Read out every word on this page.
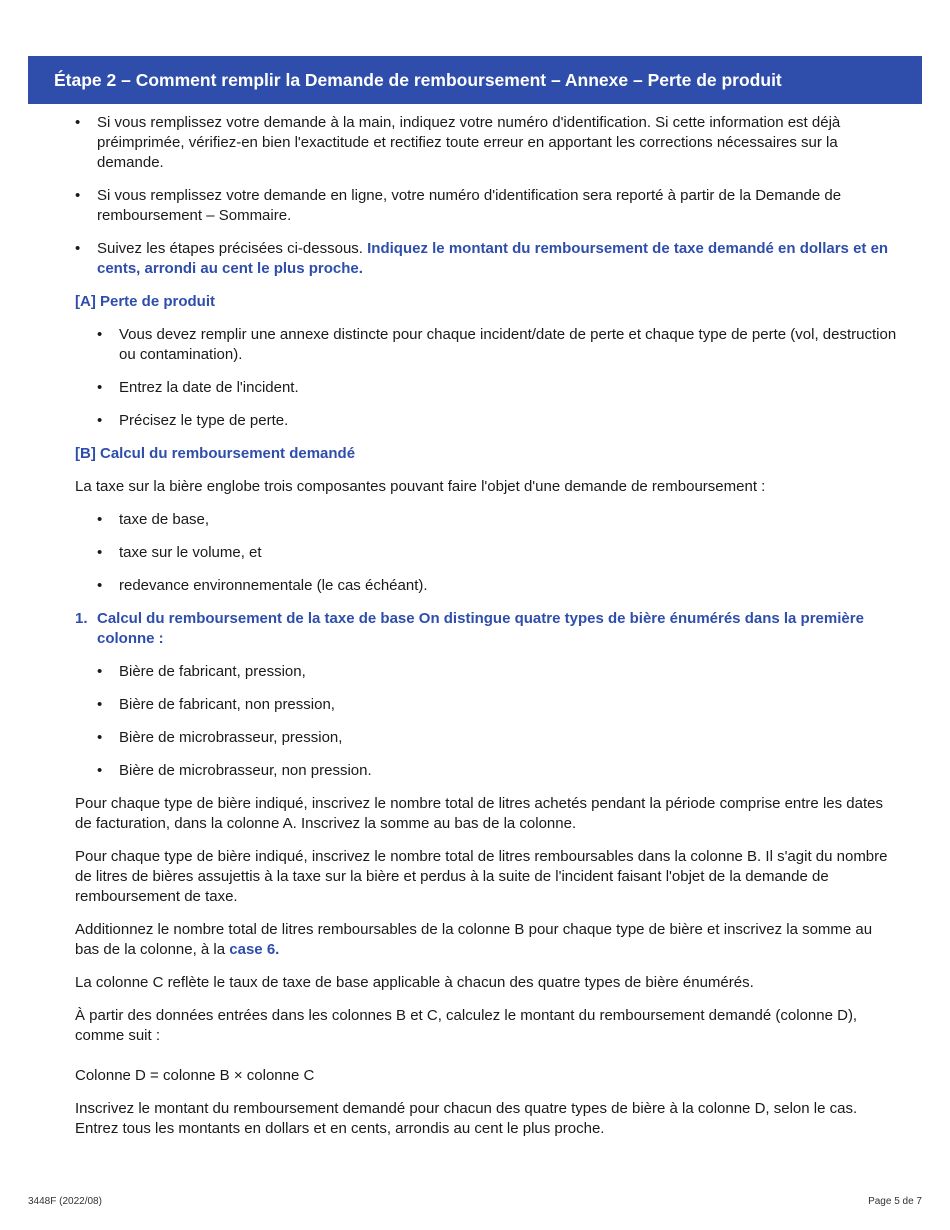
Étape 2 – Comment remplir la Demande de remboursement – Annexe – Perte de produit
• Si vous remplissez votre demande à la main, indiquez votre numéro d'identification. Si cette information est déjà préimprimée, vérifiez-en bien l'exactitude et rectifiez toute erreur en apportant les corrections nécessaires sur la demande.
• Si vous remplissez votre demande en ligne, votre numéro d'identification sera reporté à partir de la Demande de remboursement – Sommaire.
• Suivez les étapes précisées ci-dessous. Indiquez le montant du remboursement de taxe demandé en dollars et en cents, arrondi au cent le plus proche.
[A] Perte de produit
• Vous devez remplir une annexe distincte pour chaque incident/date de perte et chaque type de perte (vol, destruction ou contamination).
• Entrez la date de l'incident.
• Précisez le type de perte.
[B] Calcul du remboursement demandé
La taxe sur la bière englobe trois composantes pouvant faire l'objet d'une demande de remboursement :
• taxe de base,
• taxe sur le volume, et
• redevance environnementale (le cas échéant).
1. Calcul du remboursement de la taxe de base On distingue quatre types de bière énumérés dans la première colonne :
• Bière de fabricant, pression,
• Bière de fabricant, non pression,
• Bière de microbrasseur, pression,
• Bière de microbrasseur, non pression.
Pour chaque type de bière indiqué, inscrivez le nombre total de litres achetés pendant la période comprise entre les dates de facturation, dans la colonne A. Inscrivez la somme au bas de la colonne.
Pour chaque type de bière indiqué, inscrivez le nombre total de litres remboursables dans la colonne B. Il s'agit du nombre de litres de bières assujettis à la taxe sur la bière et perdus à la suite de l'incident faisant l'objet de la demande de remboursement de taxe.
Additionnez le nombre total de litres remboursables de la colonne B pour chaque type de bière et inscrivez la somme au bas de la colonne, à la case 6.
La colonne C reflète le taux de taxe de base applicable à chacun des quatre types de bière énumérés.
À partir des données entrées dans les colonnes B et C, calculez le montant du remboursement demandé (colonne D), comme suit :
Colonne D = colonne B × colonne C
Inscrivez le montant du remboursement demandé pour chacun des quatre types de bière à la colonne D, selon le cas. Entrez tous les montants en dollars et en cents, arrondis au cent le plus proche.
3448F (2022/08)	Page 5 de 7
